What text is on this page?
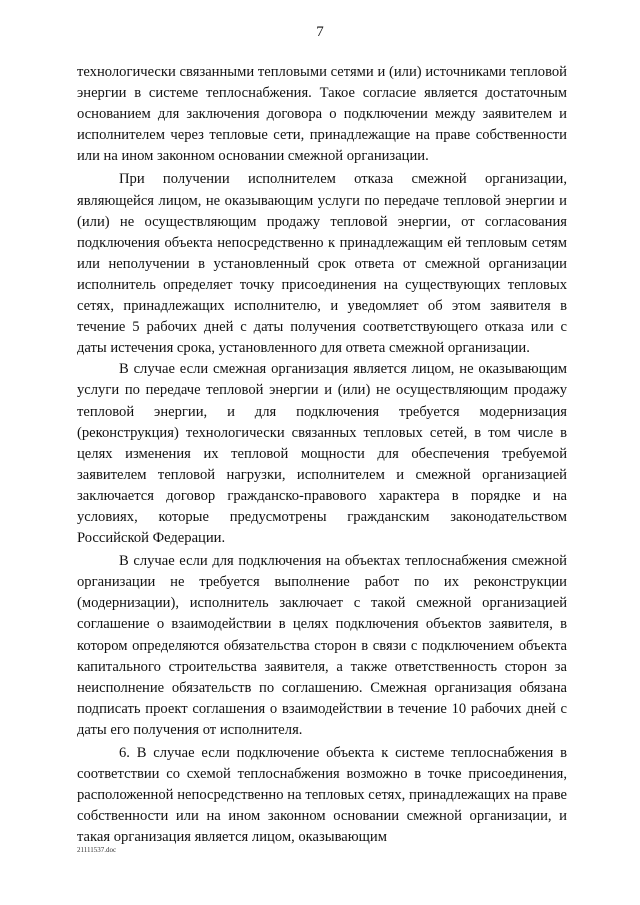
7

технологически связанными тепловыми сетями и (или) источниками тепловой энергии в системе теплоснабжения. Такое согласие является достаточным основанием для заключения договора о подключении между заявителем и исполнителем через тепловые сети, принадлежащие на праве собственности или на ином законном основании смежной организации.

При получении исполнителем отказа смежной организации, являющейся лицом, не оказывающим услуги по передаче тепловой энергии и (или) не осуществляющим продажу тепловой энергии, от согласования подключения объекта непосредственно к принадлежащим ей тепловым сетям или неполучении в установленный срок ответа от смежной организации исполнитель определяет точку присоединения на существующих тепловых сетях, принадлежащих исполнителю, и уведомляет об этом заявителя в течение 5 рабочих дней с даты получения соответствующего отказа или с даты истечения срока, установленного для ответа смежной организации.

В случае если смежная организация является лицом, не оказывающим услуги по передаче тепловой энергии и (или) не осуществляющим продажу тепловой энергии, и для подключения требуется модернизация (реконструкция) технологически связанных тепловых сетей, в том числе в целях изменения их тепловой мощности для обеспечения требуемой заявителем тепловой нагрузки, исполнителем и смежной организацией заключается договор гражданско-правового характера в порядке и на условиях, которые предусмотрены гражданским законодательством Российской Федерации.

В случае если для подключения на объектах теплоснабжения смежной организации не требуется выполнение работ по их реконструкции (модернизации), исполнитель заключает с такой смежной организацией соглашение о взаимодействии в целях подключения объектов заявителя, в котором определяются обязательства сторон в связи с подключением объекта капитального строительства заявителя, а также ответственность сторон за неисполнение обязательств по соглашению. Смежная организация обязана подписать проект соглашения о взаимодействии в течение 10 рабочих дней с даты его получения от исполнителя.

6. В случае если подключение объекта к системе теплоснабжения в соответствии со схемой теплоснабжения возможно в точке присоединения, расположенной непосредственно на тепловых сетях, принадлежащих на праве собственности или на ином законном основании смежной организации, и такая организация является лицом, оказывающим

21111537.doc
